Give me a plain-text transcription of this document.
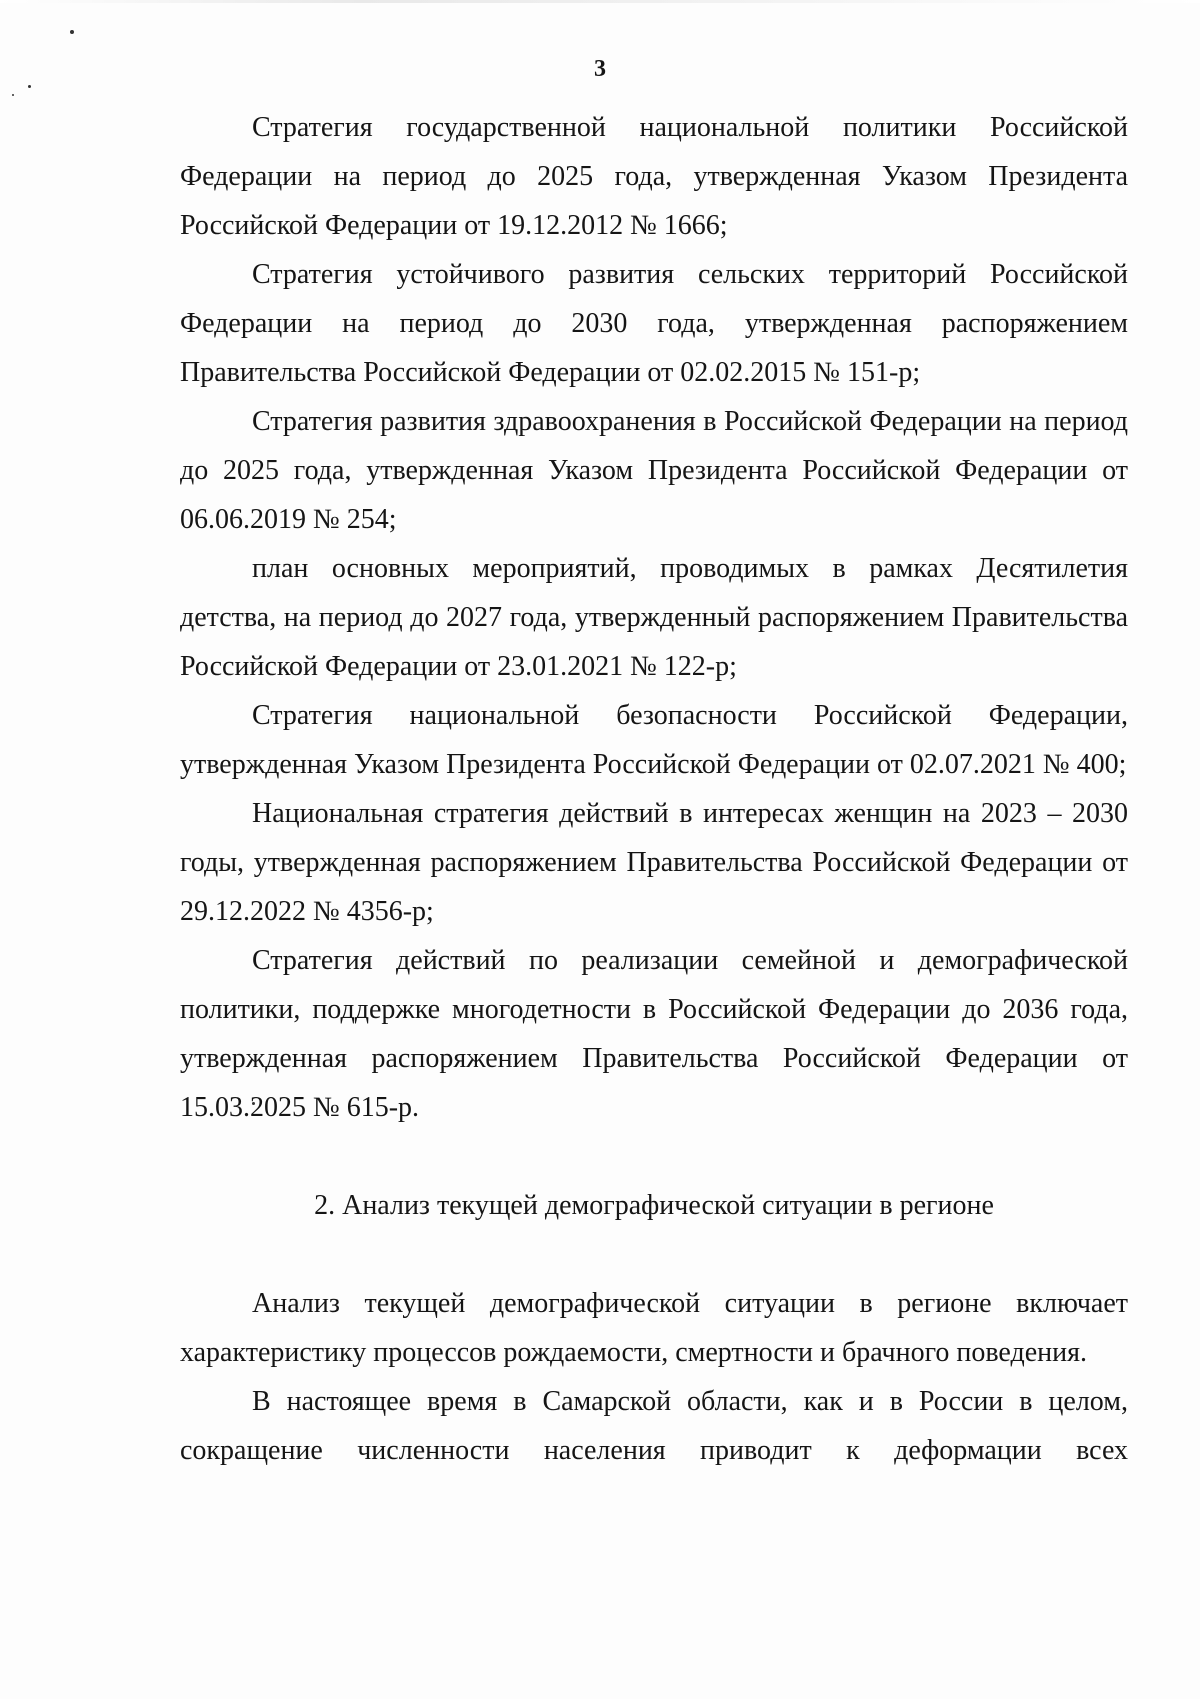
3

Стратегия государственной национальной политики Российской Федерации на период до 2025 года, утвержденная Указом Президента Российской Федерации от 19.12.2012 № 1666;

Стратегия устойчивого развития сельских территорий Российской Федерации на период до 2030 года, утвержденная распоряжением Правительства Российской Федерации от 02.02.2015 № 151-р;

Стратегия развития здравоохранения в Российской Федерации на период до 2025 года, утвержденная Указом Президента Российской Федерации от 06.06.2019 № 254;

план основных мероприятий, проводимых в рамках Десятилетия детства, на период до 2027 года, утвержденный распоряжением Правительства Российской Федерации от 23.01.2021 № 122-р;

Стратегия национальной безопасности Российской Федерации, утвержденная Указом Президента Российской Федерации от 02.07.2021 № 400;

Национальная стратегия действий в интересах женщин на 2023 – 2030 годы, утвержденная распоряжением Правительства Российской Федерации от 29.12.2022 № 4356-р;

Стратегия действий по реализации семейной и демографической политики, поддержке многодетности в Российской Федерации до 2036 года, утвержденная распоряжением Правительства Российской Федерации от 15.03.2025 № 615-р.

2. Анализ текущей демографической ситуации в регионе

Анализ текущей демографической ситуации в регионе включает характеристику процессов рождаемости, смертности и брачного поведения.

В настоящее время в Самарской области, как и в России в целом, сокращение численности населения приводит к деформации всех
